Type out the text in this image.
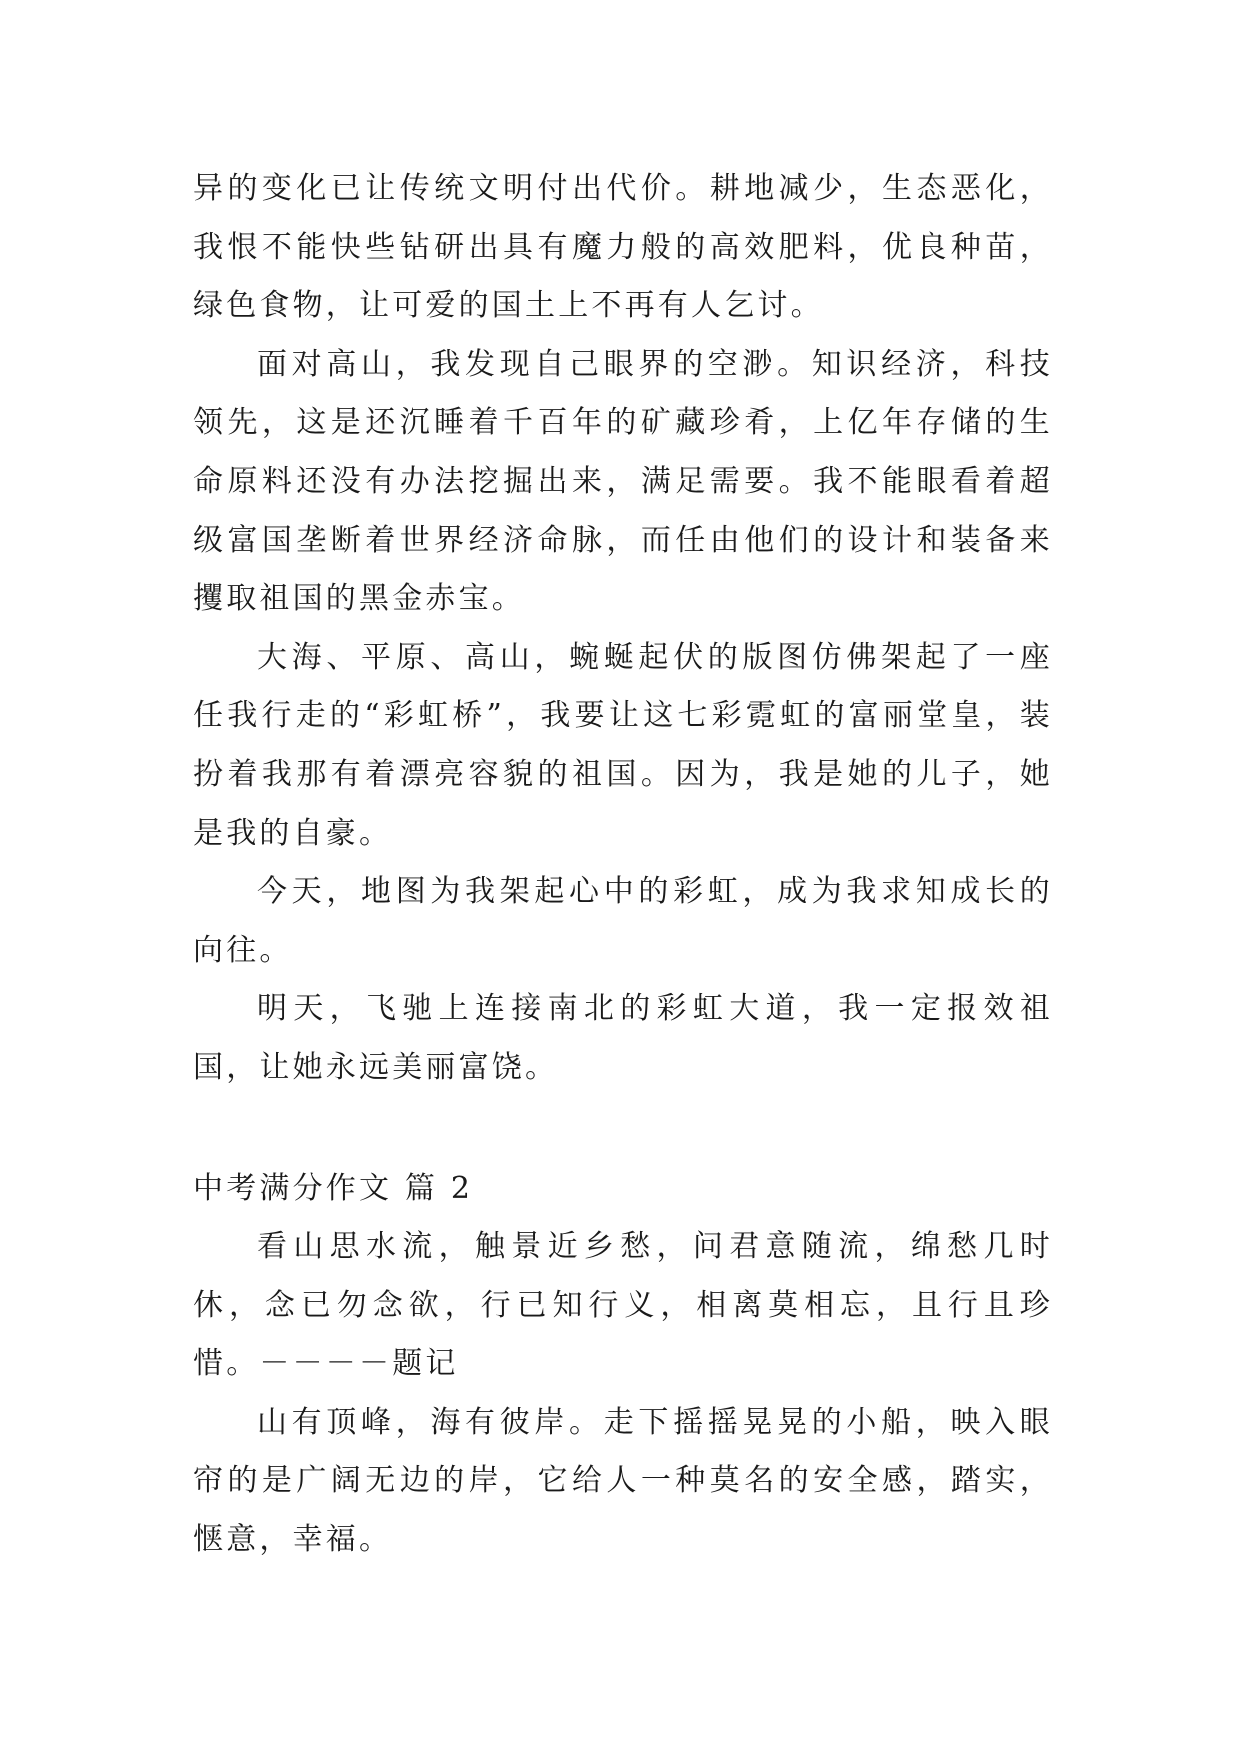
异的变化已让传统文明付出代价。耕地减少，生态恶化，我恨不能快些钻研出具有魔力般的高效肥料，优良种苗，绿色食物，让可爱的国土上不再有人乞讨。

面对高山，我发现自己眼界的空渺。知识经济，科技领先，这是还沉睡着千百年的矿藏珍肴，上亿年存储的生命原料还没有办法挖掘出来，满足需要。我不能眼看着超级富国垄断着世界经济命脉，而任由他们的设计和装备来攫取祖国的黑金赤宝。

大海、平原、高山，蜿蜒起伏的版图仿佛架起了一座任我行走的“彩虹桥”，我要让这七彩霓虹的富丽堂皇，装扮着我那有着漂亮容貌的祖国。因为，我是她的儿子，她是我的自豪。

今天，地图为我架起心中的彩虹，成为我求知成长的向往。

明天，飞驰上连接南北的彩虹大道，我一定报效祖国，让她永远美丽富饶。

中考满分作文 篇 2

看山思水流，触景近乡愁，问君意随流，绵愁几时休，念已勿念欲，行已知行义，相离莫相忘，且行且珍惜。－－－－题记

山有顶峰，海有彼岸。走下摇摇晃晃的小船，映入眼帘的是广阔无边的岸，它给人一种莫名的安全感，踏实，惬意，幸福。
